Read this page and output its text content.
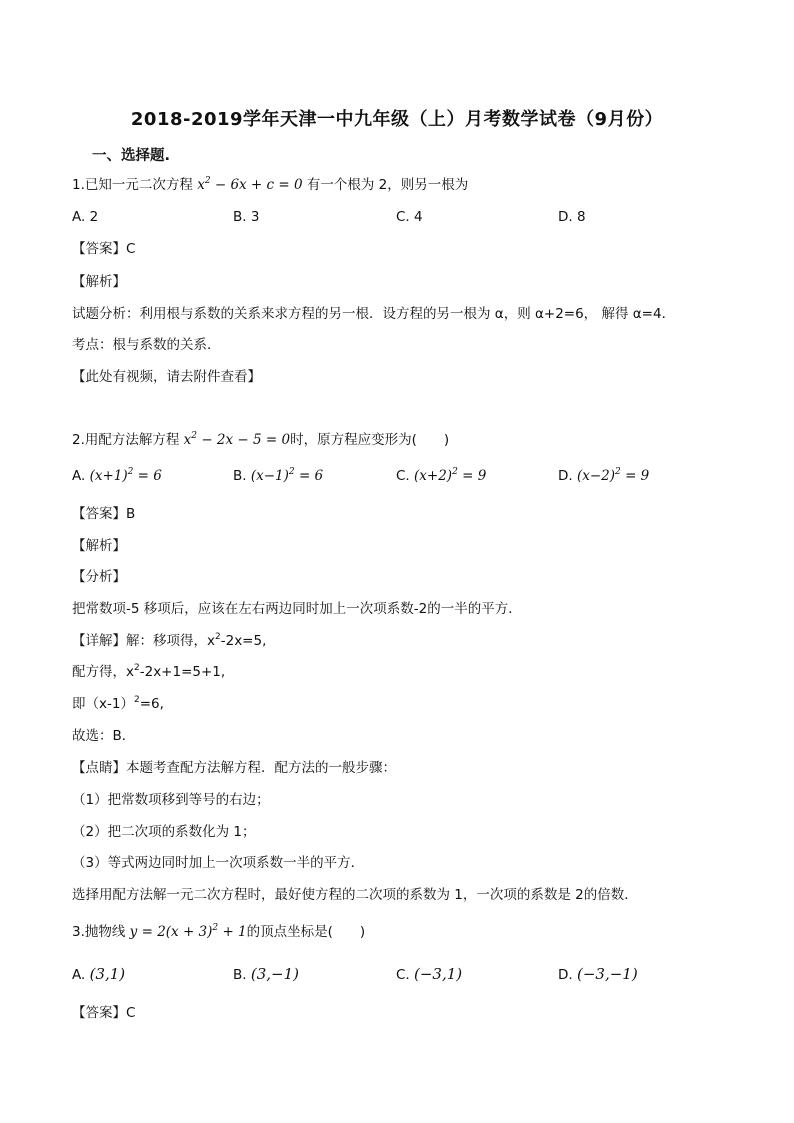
2018-2019学年天津一中九年级（上）月考数学试卷（9月份）
一、选择题.
1.已知一元二次方程 $x^2 - 6x + c = 0$ 有一个根为 2，则另一根为
A. 2	B. 3	C. 4	D. 8
【答案】C
【解析】
试题分析：利用根与系数的关系来求方程的另一根．设方程的另一根为 α，则 α+2=6， 解得 α=4．
考点：根与系数的关系．
【此处有视频，请去附件查看】
2.用配方法解方程 $x^2 - 2x - 5 = 0$时，原方程应变形为(　　)
A. $(x+1)^2 = 6$	B. $(x-1)^2 = 6$	C. $(x+2)^2 = 9$	D. $(x-2)^2 = 9$
【答案】B
【解析】
【分析】
把常数项-5 移项后，应该在左右两边同时加上一次项系数-2的一半的平方．
【详解】解：移项得，$x^2-2x=5$,
配方得，$x^2-2x+1=5+1$,
即$(x-1)^2=6$,
故选：B．
【点睛】本题考查配方法解方程．配方法的一般步骤：
（1）把常数项移到等号的右边；
（2）把二次项的系数化为 1；
（3）等式两边同时加上一次项系数一半的平方．
选择用配方法解一元二次方程时，最好使方程的二次项的系数为 1，一次项的系数是 2的倍数．
3.抛物线 $y = 2(x + 3)^2 + 1$的顶点坐标是(　　)
A. (3,1)	B. (3,−1)	C. (−3,1)	D. (−3,−1)
【答案】C
